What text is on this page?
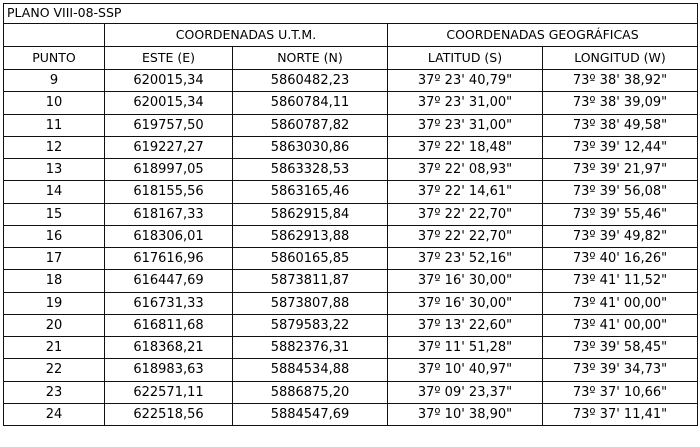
PLANO VIII-08-SSP				
	COORDENADAS U.T.M.		COORDENADAS GEOGRÁFICAS	
PUNTO	ESTE (E)	NORTE (N)	LATITUD (S)	LONGITUD (W)
9	620015,34	5860482,23	37º 23' 40,79"	73º 38' 38,92"
10	620015,34	5860784,11	37º 23' 31,00"	73º 38' 39,09"
11	619757,50	5860787,82	37º 23' 31,00"	73º 38' 49,58"
12	619227,27	5863030,86	37º 22' 18,48"	73º 39' 12,44"
13	618997,05	5863328,53	37º 22' 08,93"	73º 39' 21,97"
14	618155,56	5863165,46	37º 22' 14,61"	73º 39' 56,08"
15	618167,33	5862915,84	37º 22' 22,70"	73º 39' 55,46"
16	618306,01	5862913,88	37º 22' 22,70"	73º 39' 49,82"
17	617616,96	5860165,85	37º 23' 52,16"	73º 40' 16,26"
18	616447,69	5873811,87	37º 16' 30,00"	73º 41' 11,52"
19	616731,33	5873807,88	37º 16' 30,00"	73º 41' 00,00"
20	616811,68	5879583,22	37º 13' 22,60"	73º 41' 00,00"
21	618368,21	5882376,31	37º 11' 51,28"	73º 39' 58,45"
22	618983,63	5884534,88	37º 10' 40,97"	73º 39' 34,73"
23	622571,11	5886875,20	37º 09' 23,37"	73º 37' 10,66"
24	622518,56	5884547,69	37º 10' 38,90"	73º 37' 11,41"
